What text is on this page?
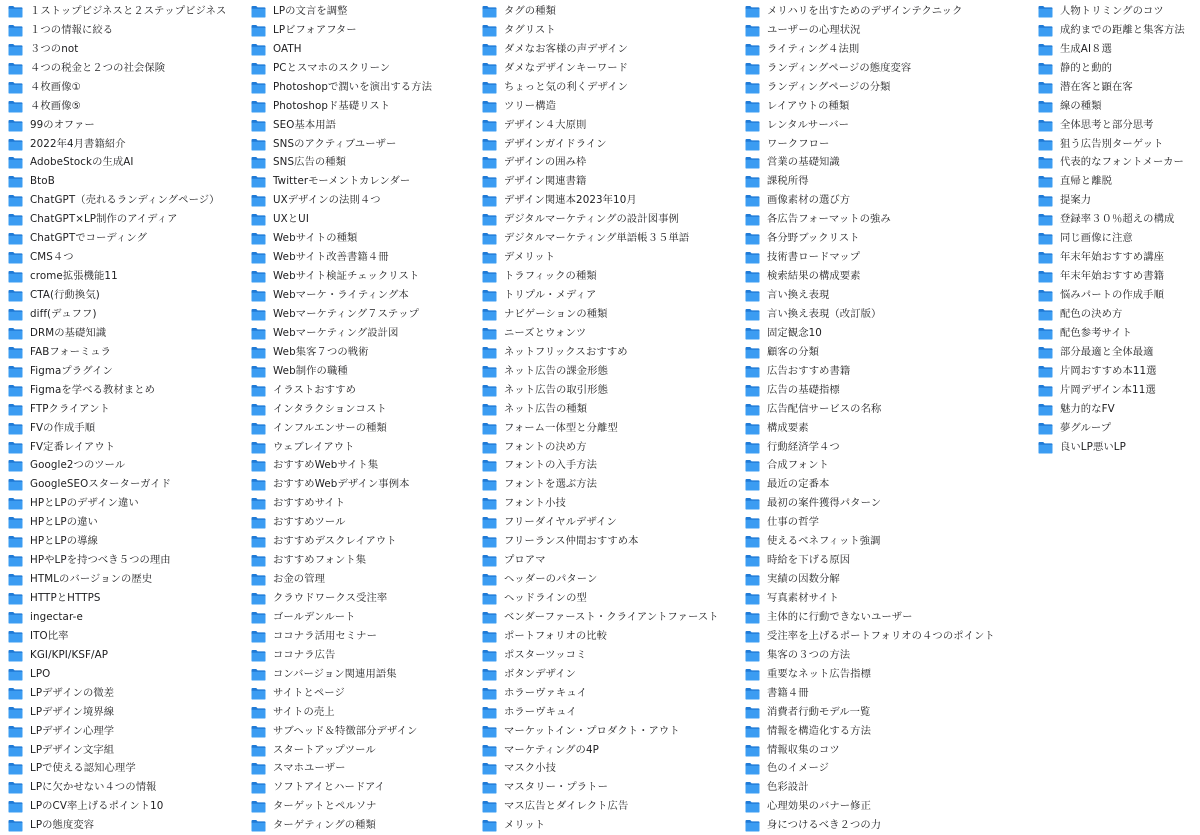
１ストップビジネスと２ステップビジネス
１つの情報に絞る
３つのnot
４つの税金と２つの社会保険
４枚画像①
４枚画像⑤
99のオファー
2022年4月書籍紹介
AdobeStockの生成AI
BtoB
ChatGPT（売れるランディングページ）
ChatGPT×LP制作のアイディア
ChatGPTでコーディング
CMS４つ
crome拡張機能11
CTA(行動換気)
diff(デュフフ)
DRMの基礎知識
FABフォーミュラ
Figmaプラグイン
Figmaを学べる教材まとめ
FTPクライアント
FVの作成手順
FV定番レイアウト
Google2つのツール
GoogleSEOスターターガイド
HPとLPのデザイン違い
HPとLPの違い
HPとLPの導線
HPやLPを持つべき５つの理由
HTMLのバージョンの歴史
HTTPとHTTPS
ingectar-e
ITO比率
KGI/KPI/KSF/AP
LPO
LPデザインの微差
LPデザイン境界線
LPデザイン心理学
LPデザイン文字組
LPで使える認知心理学
LPに欠かせない４つの情報
LPのCV率上げるポイント10
LPの態度変容
LPの文言を調整
LPビフォアフター
OATH
PCとスマホのスクリーン
Photoshopで潤いを演出する方法
Photoshopド基礎リスト
SEO基本用語
SNSのアクティブユーザー
SNS広告の種類
Twitterモーメントカレンダー
UXデザインの法則４つ
UXとUI
Webサイトの種類
Webサイト改善書籍４冊
Webサイト検証チェックリスト
Webマーケ・ライティング本
Webマーケティング７ステップ
Webマーケティング設計図
Web集客７つの戦術
Web制作の職種
イラストおすすめ
インタラクションコスト
インフルエンサーの種類
ウェブレイアウト
おすすめWebサイト集
おすすめWebデザイン事例本
おすすめサイト
おすすめツール
おすすめデスクレイアウト
おすすめフォント集
お金の管理
クラウドワークス受注率
ゴールデンルート
ココナラ活用セミナー
ココナラ広告
コンバージョン関連用語集
サイトとページ
サイトの売上
サブヘッド＆特徴部分デザイン
スタートアップツール
スマホユーザー
ソフトアイとハードアイ
ターゲットとペルソナ
ターゲティングの種類
タグの種類
タグリスト
ダメなお客様の声デザイン
ダメなデザインキーワード
ちょっと気の利くデザイン
ツリー構造
デザイン４大原則
デザインガイドライン
デザインの囲み枠
デザイン関連書籍
デザイン関連本2023年10月
デジタルマーケティングの設計図事例
デジタルマーケティング単語帳３５単語
デメリット
トラフィックの種類
トリプル・メディア
ナビゲーションの種類
ニーズとウォンツ
ネットフリックスおすすめ
ネット広告の課金形態
ネット広告の取引形態
ネット広告の種類
フォーム一体型と分離型
フォントの決め方
フォントの入手方法
フォントを選ぶ方法
フォント小技
フリーダイヤルデザイン
フリーランス仲間おすすめ本
プロアマ
ヘッダーのパターン
ヘッドラインの型
ベンダーファースト・クライアントファースト
ポートフォリオの比較
ポスターツッコミ
ボタンデザイン
ホラーヴァキュイ
ホラーヴキュイ
マーケットイン・プロダクト・アウト
マーケティングの4P
マスク小技
マスタリー・プラトー
マス広告とダイレクト広告
メリット
メリハリを出すためのデザインテクニック
ユーザーの心理状況
ライティング４法則
ランディングページの態度変容
ランディングページの分類
レイアウトの種類
レンタルサーバー
ワークフロー
営業の基礎知識
課税所得
画像素材の選び方
各広告フォーマットの強み
各分野ブックリスト
技術書ロードマップ
検索結果の構成要素
言い換え表現
言い換え表現（改訂版）
固定観念10
顧客の分類
広告おすすめ書籍
広告の基礎指標
広告配信サービスの名称
構成要素
行動経済学４つ
合成フォント
最近の定番本
最初の案件獲得パターン
仕事の哲学
使えるベネフィット強調
時給を下げる原因
実績の因数分解
写真素材サイト
主体的に行動できないユーザー
受注率を上げるポートフォリオの４つのポイント
集客の３つの方法
重要なネット広告指標
書籍４冊
消費者行動モデル一覧
情報を構造化する方法
情報収集のコツ
色のイメージ
色彩設計
心理効果のバナー修正
身につけるべき２つの力
人物トリミングのコツ
成約までの距離と集客方法
生成AI８選
静的と動的
潜在客と顕在客
線の種類
全体思考と部分思考
狙う広告別ターゲット
代表的なフォントメーカー
直帰と離脱
提案力
登録率３０％超えの構成
同じ画像に注意
年末年始おすすめ講座
年末年始おすすめ書籍
悩みパートの作成手順
配色の決め方
配色参考サイト
部分最適と全体最適
片岡おすすめ本11選
片岡デザイン本11選
魅力的なFV
夢グループ
良いLP悪いLP
